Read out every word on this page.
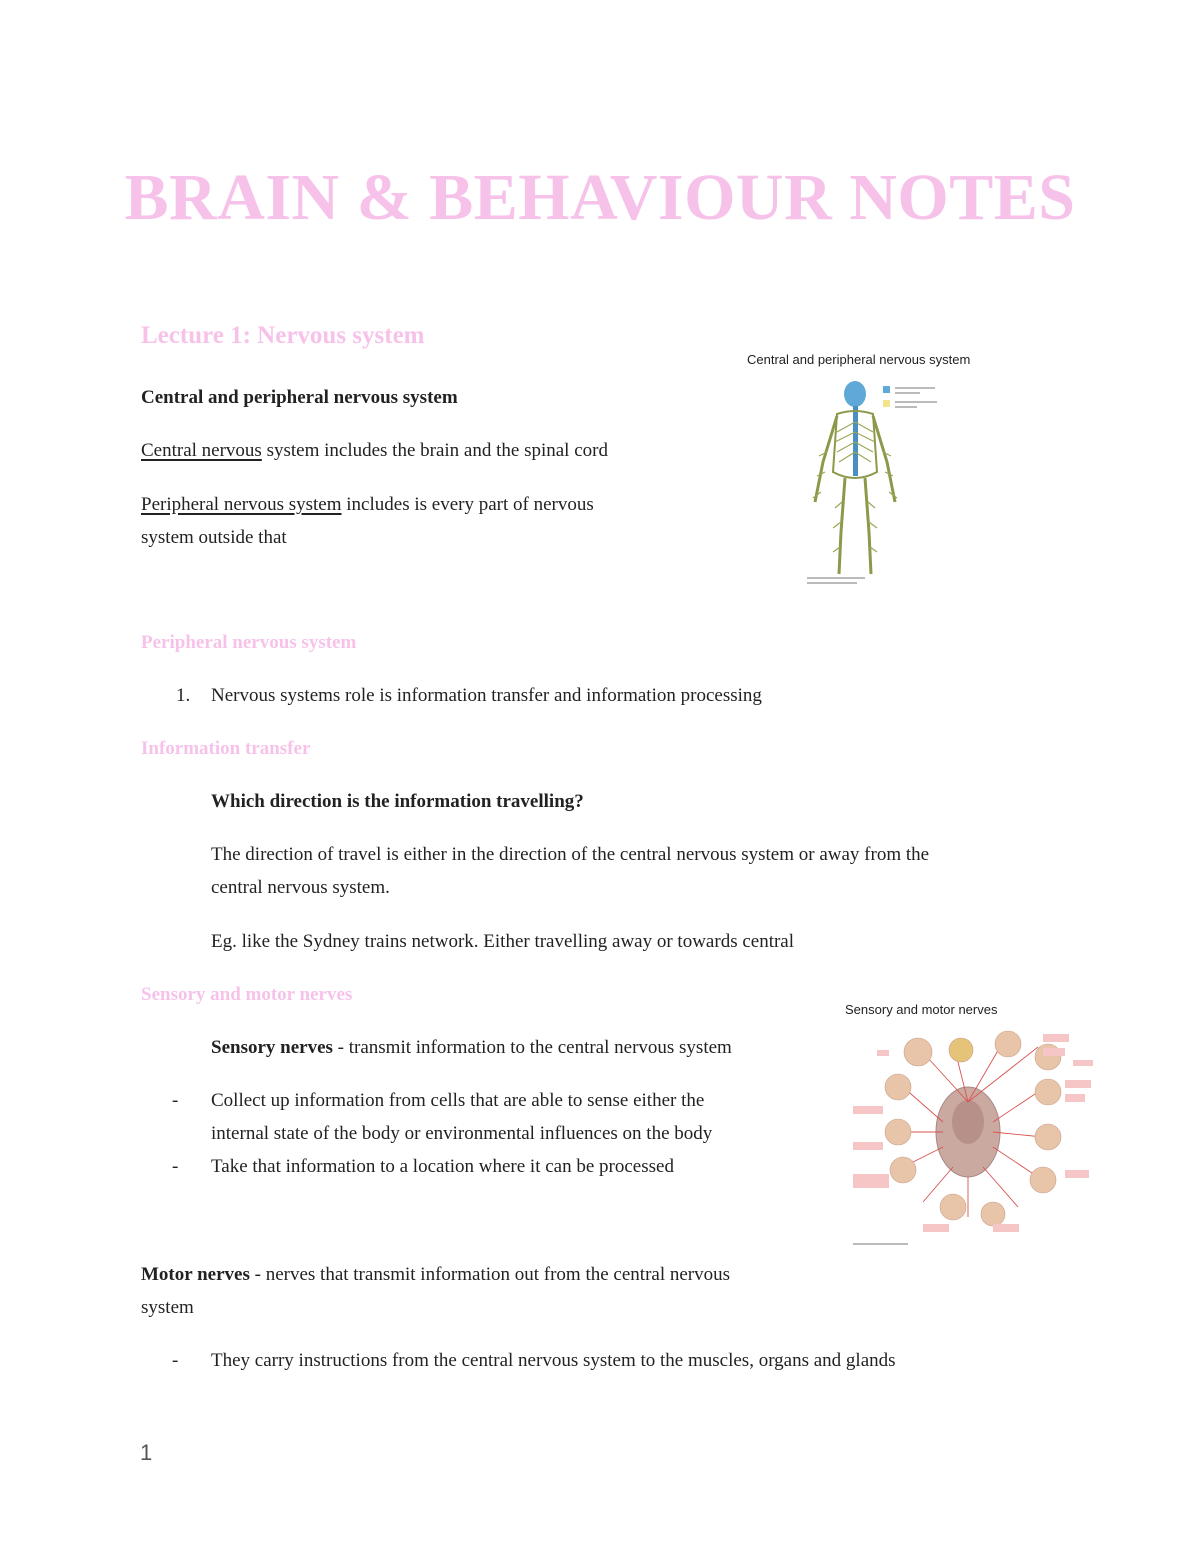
BRAIN & BEHAVIOUR NOTES
Lecture 1: Nervous system
Central and peripheral nervous system
Central nervous system includes the brain and the spinal cord
Peripheral nervous system includes is every part of nervous
system outside that
Central and peripheral nervous system
Peripheral nervous system
1. Nervous systems role is information transfer and information processing
Information transfer
Which direction is the information travelling?
The direction of travel is either in the direction of the central nervous system or away from the
central nervous system.
Eg. like the Sydney trains network. Either travelling away or towards central
Sensory and motor nerves
Sensory nerves - transmit information to the central nervous system
- Collect up information from cells that are able to sense either the
internal state of the body or environmental influences on the body
- Take that information to a location where it can be processed
Motor nerves - nerves that transmit information out from the central nervous
system
- They carry instructions from the central nervous system to the muscles, organs and glands
Sensory and motor nerves
1
